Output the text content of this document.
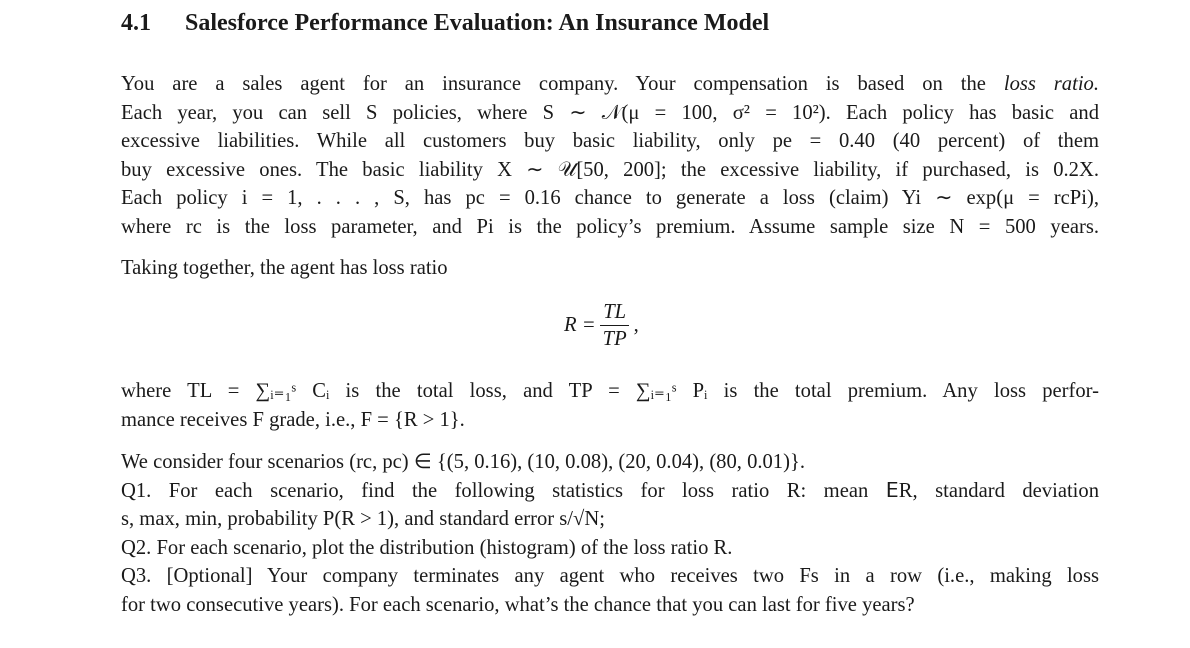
4.1 Salesforce Performance Evaluation: An Insurance Model
You are a sales agent for an insurance company. Your compensation is based on the loss ratio.
Each year, you can sell S policies, where S ∼ 𝒩(μ = 100, σ² = 10²). Each policy has basic and
excessive liabilities. While all customers buy basic liability, only pe = 0.40 (40 percent) of them
buy excessive ones. The basic liability X ∼ 𝒰[50, 200]; the excessive liability, if purchased, is 0.2X.
Each policy i = 1, . . . , S, has pc = 0.16 chance to generate a loss (claim) Yi ∼ exp(μ = rcPi),
where rc is the loss parameter, and Pi is the policy’s premium. Assume sample size N = 500 years.
Taking together, the agent has loss ratio
$R = \frac{TL}{TP}$ ,
where TL = ∑ᵢ₌₁ˢ Cᵢ is the total loss, and TP = ∑ᵢ₌₁ˢ Pᵢ is the total premium. Any loss perfor-
mance receives F grade, i.e., F = {R > 1}.
We consider four scenarios (rc, pc) ∈ {(5, 0.16), (10, 0.08), (20, 0.04), (80, 0.01)}.
Q1. For each scenario, find the following statistics for loss ratio R: mean 𝖤R, standard deviation
s, max, min, probability P(R > 1), and standard error s/√N;
Q2. For each scenario, plot the distribution (histogram) of the loss ratio R.
Q3. [Optional] Your company terminates any agent who receives two Fs in a row (i.e., making loss
for two consecutive years). For each scenario, what’s the chance that you can last for five years?
